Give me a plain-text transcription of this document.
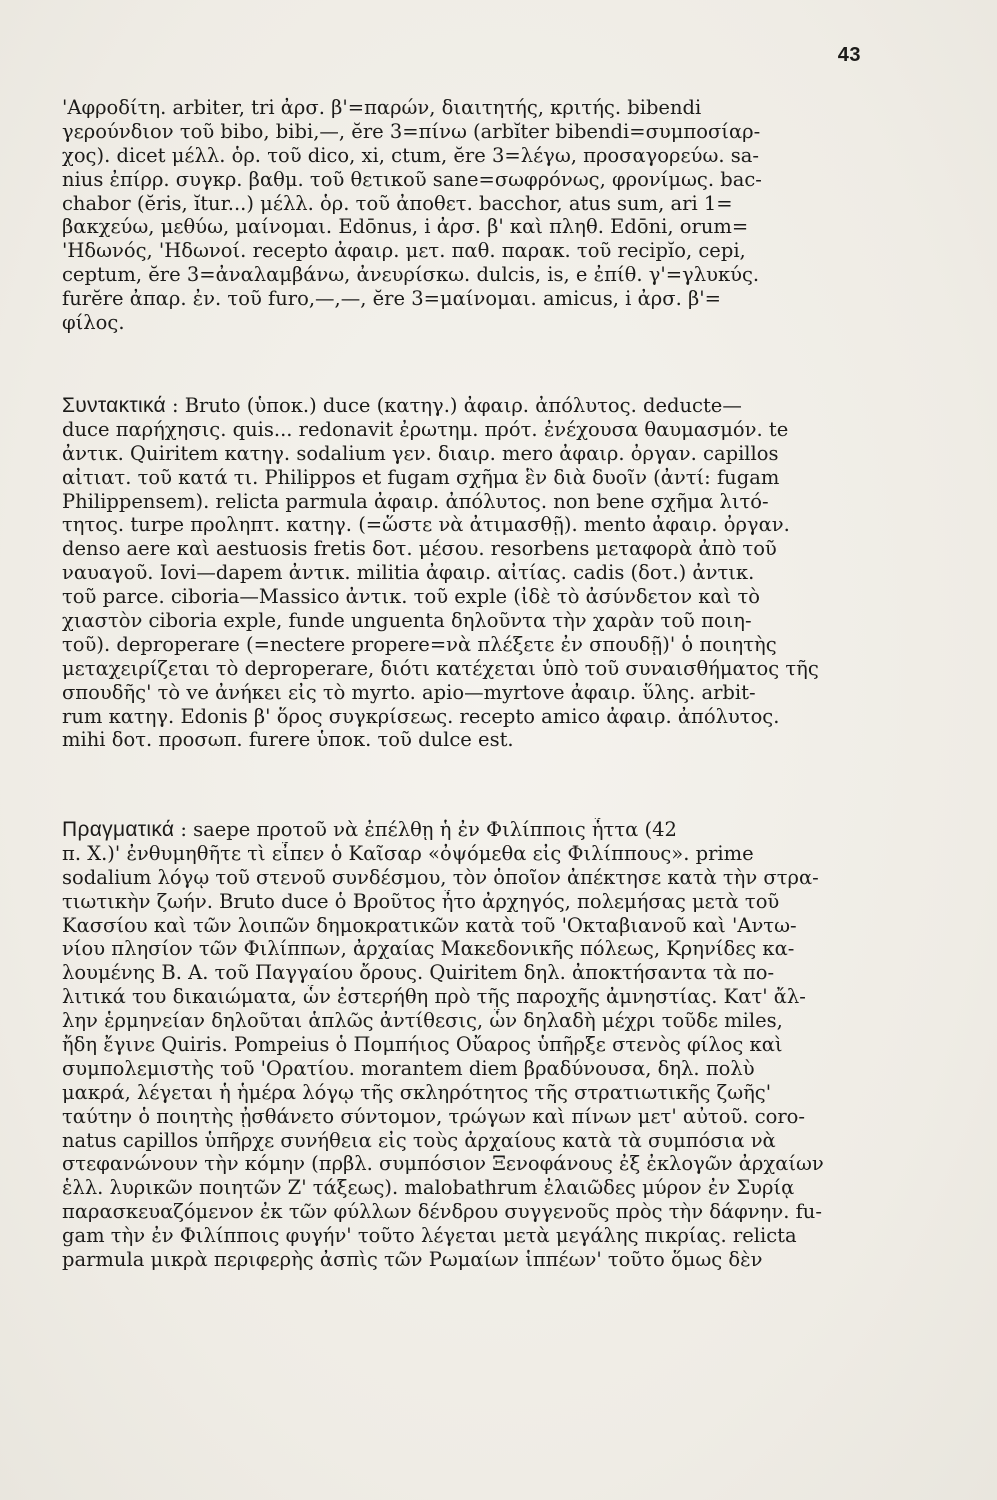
43
'Αφροδίτη. arbiter, tri ἀρσ. β'=παρών, διαιτητής, κριτής. bibendi
γερούνδιον τοῦ bibo, bibi,—, ĕre 3=πίνω (arbĭter bibendi=συμποσίαρ-
χος). dicet μέλλ. ὁρ. τοῦ dico, xi, ctum, ĕre 3=λέγω, προσαγορεύω. sa-
nius ἐπίρρ. συγκρ. βαθμ. τοῦ θετικοῦ sane=σωφρόνως, φρονίμως. bac-
chabor (ĕris, ĭtur...) μέλλ. ὁρ. τοῦ ἀποθετ. bacchor, atus sum, ari 1=
βακχεύω, μεθύω, μαίνομαι. Edōnus, i ἀρσ. β' καὶ πληθ. Edōni, orum=
'Ηδωνός, 'Ηδωνοί. recepto ἀφαιρ. μετ. παθ. παρακ. τοῦ recipĭo, cepi,
ceptum, ĕre 3=ἀναλαμβάνω, ἀνευρίσκω. dulcis, is, e ἐπίθ. γ'=γλυκύς.
furĕre ἀπαρ. ἐν. τοῦ furo,—,—, ĕre 3=μαίνομαι. amicus, i ἀρσ. β'=
φίλος.
Συντακτικά : Bruto (ὑποκ.) duce (κατηγ.) ἀφαιρ. ἀπόλυτος. deducte—
duce παρήχησις. quis... redonavit ἐρωτημ. πρότ. ἐνέχουσα θαυμασμόν. te
ἀντικ. Quiritem κατηγ. sodalium γεν. διαιρ. mero ἀφαιρ. ὀργαν. capillos
αἰτιατ. τοῦ κατά τι. Philippos et fugam σχῆμα ἓν διὰ δυοῖν (ἀντί: fugam
Philippensem). relicta parmula ἀφαιρ. ἀπόλυτος. non bene σχῆμα λιτό-
τητος. turpe προληπτ. κατηγ. (=ὥστε νὰ ἀτιμασθῇ). mento ἀφαιρ. ὀργαν.
denso aere καὶ aestuosis fretis δοτ. μέσου. resorbens μεταφορὰ ἀπὸ τοῦ
ναυαγοῦ. Iovi—dapem ἀντικ. militia ἀφαιρ. αἰτίας. cadis (δοτ.) ἀντικ.
τοῦ parce. ciboria—Massico ἀντικ. τοῦ exple (ἰδὲ τὸ ἀσύνδετον καὶ τὸ
χιαστὸν ciboria exple, funde unguenta δηλοῦντα τὴν χαρὰν τοῦ ποιη-
τοῦ). deproperare (=nectere propere=νὰ πλέξετε ἐν σπουδῇ)' ὁ ποιητὴς
μεταχειρίζεται τὸ deproperare, διότι κατέχεται ὑπὸ τοῦ συναισθήματος τῆς
σπουδῆς' τὸ ve ἀνήκει εἰς τὸ myrto. apio—myrtove ἀφαιρ. ὕλης. arbit-
rum κατηγ. Edonis β' ὅρος συγκρίσεως. recepto amico ἀφαιρ. ἀπόλυτος.
mihi δοτ. προσωπ. furere ὑποκ. τοῦ dulce est.
Πραγματικά : saepe προτοῦ νὰ ἐπέλθῃ ἡ ἐν Φιλίπποις ἧττα (42
π. Χ.)' ἐνθυμηθῆτε τὶ εἶπεν ὁ Καῖσαρ «ὀψόμεθα εἰς Φιλίππους». prime
sodalium λόγῳ τοῦ στενοῦ συνδέσμου, τὸν ὁποῖον ἀπέκτησε κατὰ τὴν στρα-
τιωτικὴν ζωήν. Bruto duce ὁ Βροῦτος ἦτο ἀρχηγός, πολεμήσας μετὰ τοῦ
Κασσίου καὶ τῶν λοιπῶν δημοκρατικῶν κατὰ τοῦ 'Οκταβιανοῦ καὶ 'Αντω-
νίου πλησίον τῶν Φιλίππων, ἀρχαίας Μακεδονικῆς πόλεως, Κρηνίδες κα-
λουμένης Β. Α. τοῦ Παγγαίου ὄρους. Quiritem δηλ. ἀποκτήσαντα τὰ πο-
λιτικά του δικαιώματα, ὧν ἐστερήθη πρὸ τῆς παροχῆς ἀμνηστίας. Κατ' ἄλ-
λην ἑρμηνείαν δηλοῦται ἁπλῶς ἀντίθεσις, ὧν δηλαδὴ μέχρι τοῦδε miles,
ἤδη ἔγινε Quiris. Pompeius ὁ Πομπήιος Οὔαρος ὑπῆρξε στενὸς φίλος καὶ
συμπολεμιστὴς τοῦ 'Ορατίου. morantem diem βραδύνουσα, δηλ. πολὺ
μακρά, λέγεται ἡ ἡμέρα λόγῳ τῆς σκληρότητος τῆς στρατιωτικῆς ζωῆς'
ταύτην ὁ ποιητὴς ᾐσθάνετο σύντομον, τρώγων καὶ πίνων μετ' αὐτοῦ. coro-
natus capillos ὑπῆρχε συνήθεια εἰς τοὺς ἀρχαίους κατὰ τὰ συμπόσια νὰ
στεφανώνουν τὴν κόμην (πρβλ. συμπόσιον Ξενοφάνους ἐξ ἐκλογῶν ἀρχαίων
ἑλλ. λυρικῶν ποιητῶν Ζ' τάξεως). malobathrum ἐλαιῶδες μύρον ἐν Συρίᾳ
παρασκευαζόμενον ἐκ τῶν φύλλων δένδρου συγγενοῦς πρὸς τὴν δάφνην. fu-
gam τὴν ἐν Φιλίπποις φυγήν' τοῦτο λέγεται μετὰ μεγάλης πικρίας. relicta
parmula μικρὰ περιφερὴς ἀσπὶς τῶν Ρωμαίων ἱππέων' τοῦτο ὅμως δὲν
